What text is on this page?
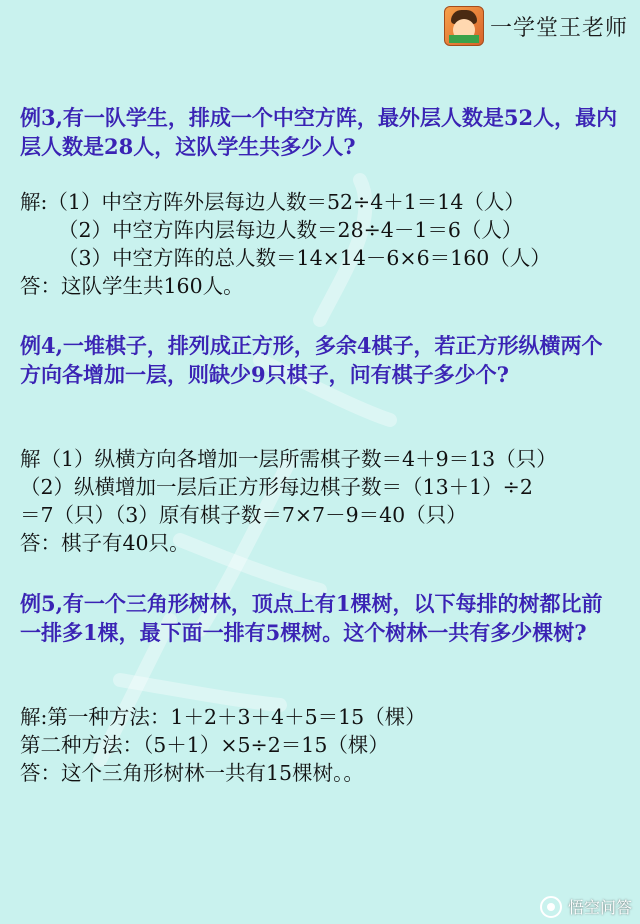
一学堂王老师
例3,有一队学生，排成一个中空方阵，最外层人数是52人，最内层人数是28人，这队学生共多少人?
解:（1）中空方阵外层每边人数＝52÷4＋1＝14（人）
（2）中空方阵内层每边人数＝28÷4－1＝6（人）
（3）中空方阵的总人数＝14×14－6×6＝160（人）
答：这队学生共160人。
例4,一堆棋子，排列成正方形，多余4棋子，若正方形纵横两个方向各增加一层，则缺少9只棋子，问有棋子多少个?
解（1）纵横方向各增加一层所需棋子数＝4＋9＝13（只）
（2）纵横增加一层后正方形每边棋子数＝（13＋1）÷2
＝7（只）（3）原有棋子数＝7×7－9＝40（只）
答：棋子有40只。
例5,有一个三角形树林，顶点上有1棵树，以下每排的树都比前一排多1棵，最下面一排有5棵树。这个树林一共有多少棵树?
解:第一种方法：1＋2＋3＋4＋5＝15（棵）
第二种方法：（5＋1）×5÷2＝15（棵）
答：这个三角形树林一共有15棵树。。
悟空问答
